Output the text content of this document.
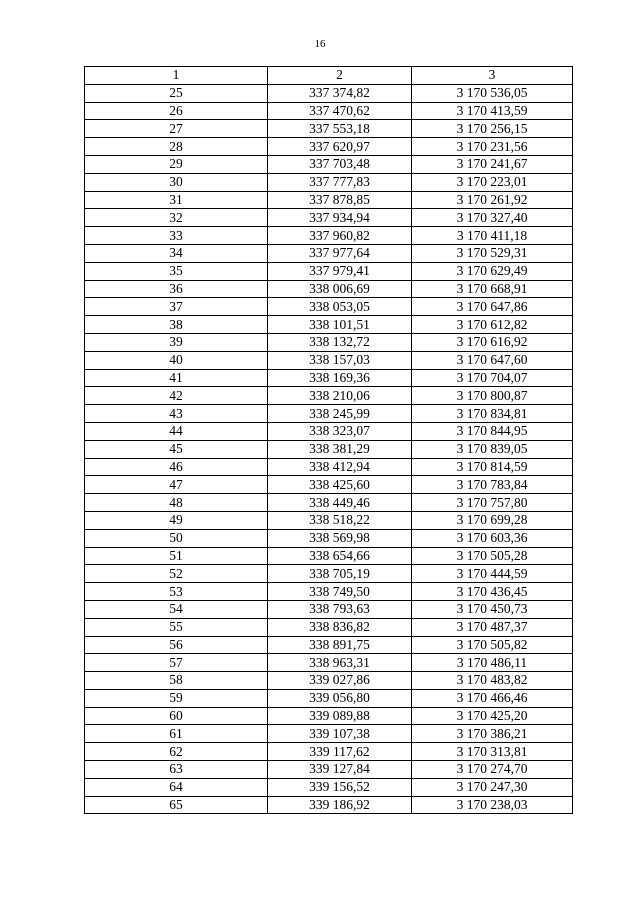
16
1	2	3
25	337 374,82	3 170 536,05
26	337 470,62	3 170 413,59
27	337 553,18	3 170 256,15
28	337 620,97	3 170 231,56
29	337 703,48	3 170 241,67
30	337 777,83	3 170 223,01
31	337 878,85	3 170 261,92
32	337 934,94	3 170 327,40
33	337 960,82	3 170 411,18
34	337 977,64	3 170 529,31
35	337 979,41	3 170 629,49
36	338 006,69	3 170 668,91
37	338 053,05	3 170 647,86
38	338 101,51	3 170 612,82
39	338 132,72	3 170 616,92
40	338 157,03	3 170 647,60
41	338 169,36	3 170 704,07
42	338 210,06	3 170 800,87
43	338 245,99	3 170 834,81
44	338 323,07	3 170 844,95
45	338 381,29	3 170 839,05
46	338 412,94	3 170 814,59
47	338 425,60	3 170 783,84
48	338 449,46	3 170 757,80
49	338 518,22	3 170 699,28
50	338 569,98	3 170 603,36
51	338 654,66	3 170 505,28
52	338 705,19	3 170 444,59
53	338 749,50	3 170 436,45
54	338 793,63	3 170 450,73
55	338 836,82	3 170 487,37
56	338 891,75	3 170 505,82
57	338 963,31	3 170 486,11
58	339 027,86	3 170 483,82
59	339 056,80	3 170 466,46
60	339 089,88	3 170 425,20
61	339 107,38	3 170 386,21
62	339 117,62	3 170 313,81
63	339 127,84	3 170 274,70
64	339 156,52	3 170 247,30
65	339 186,92	3 170 238,03
